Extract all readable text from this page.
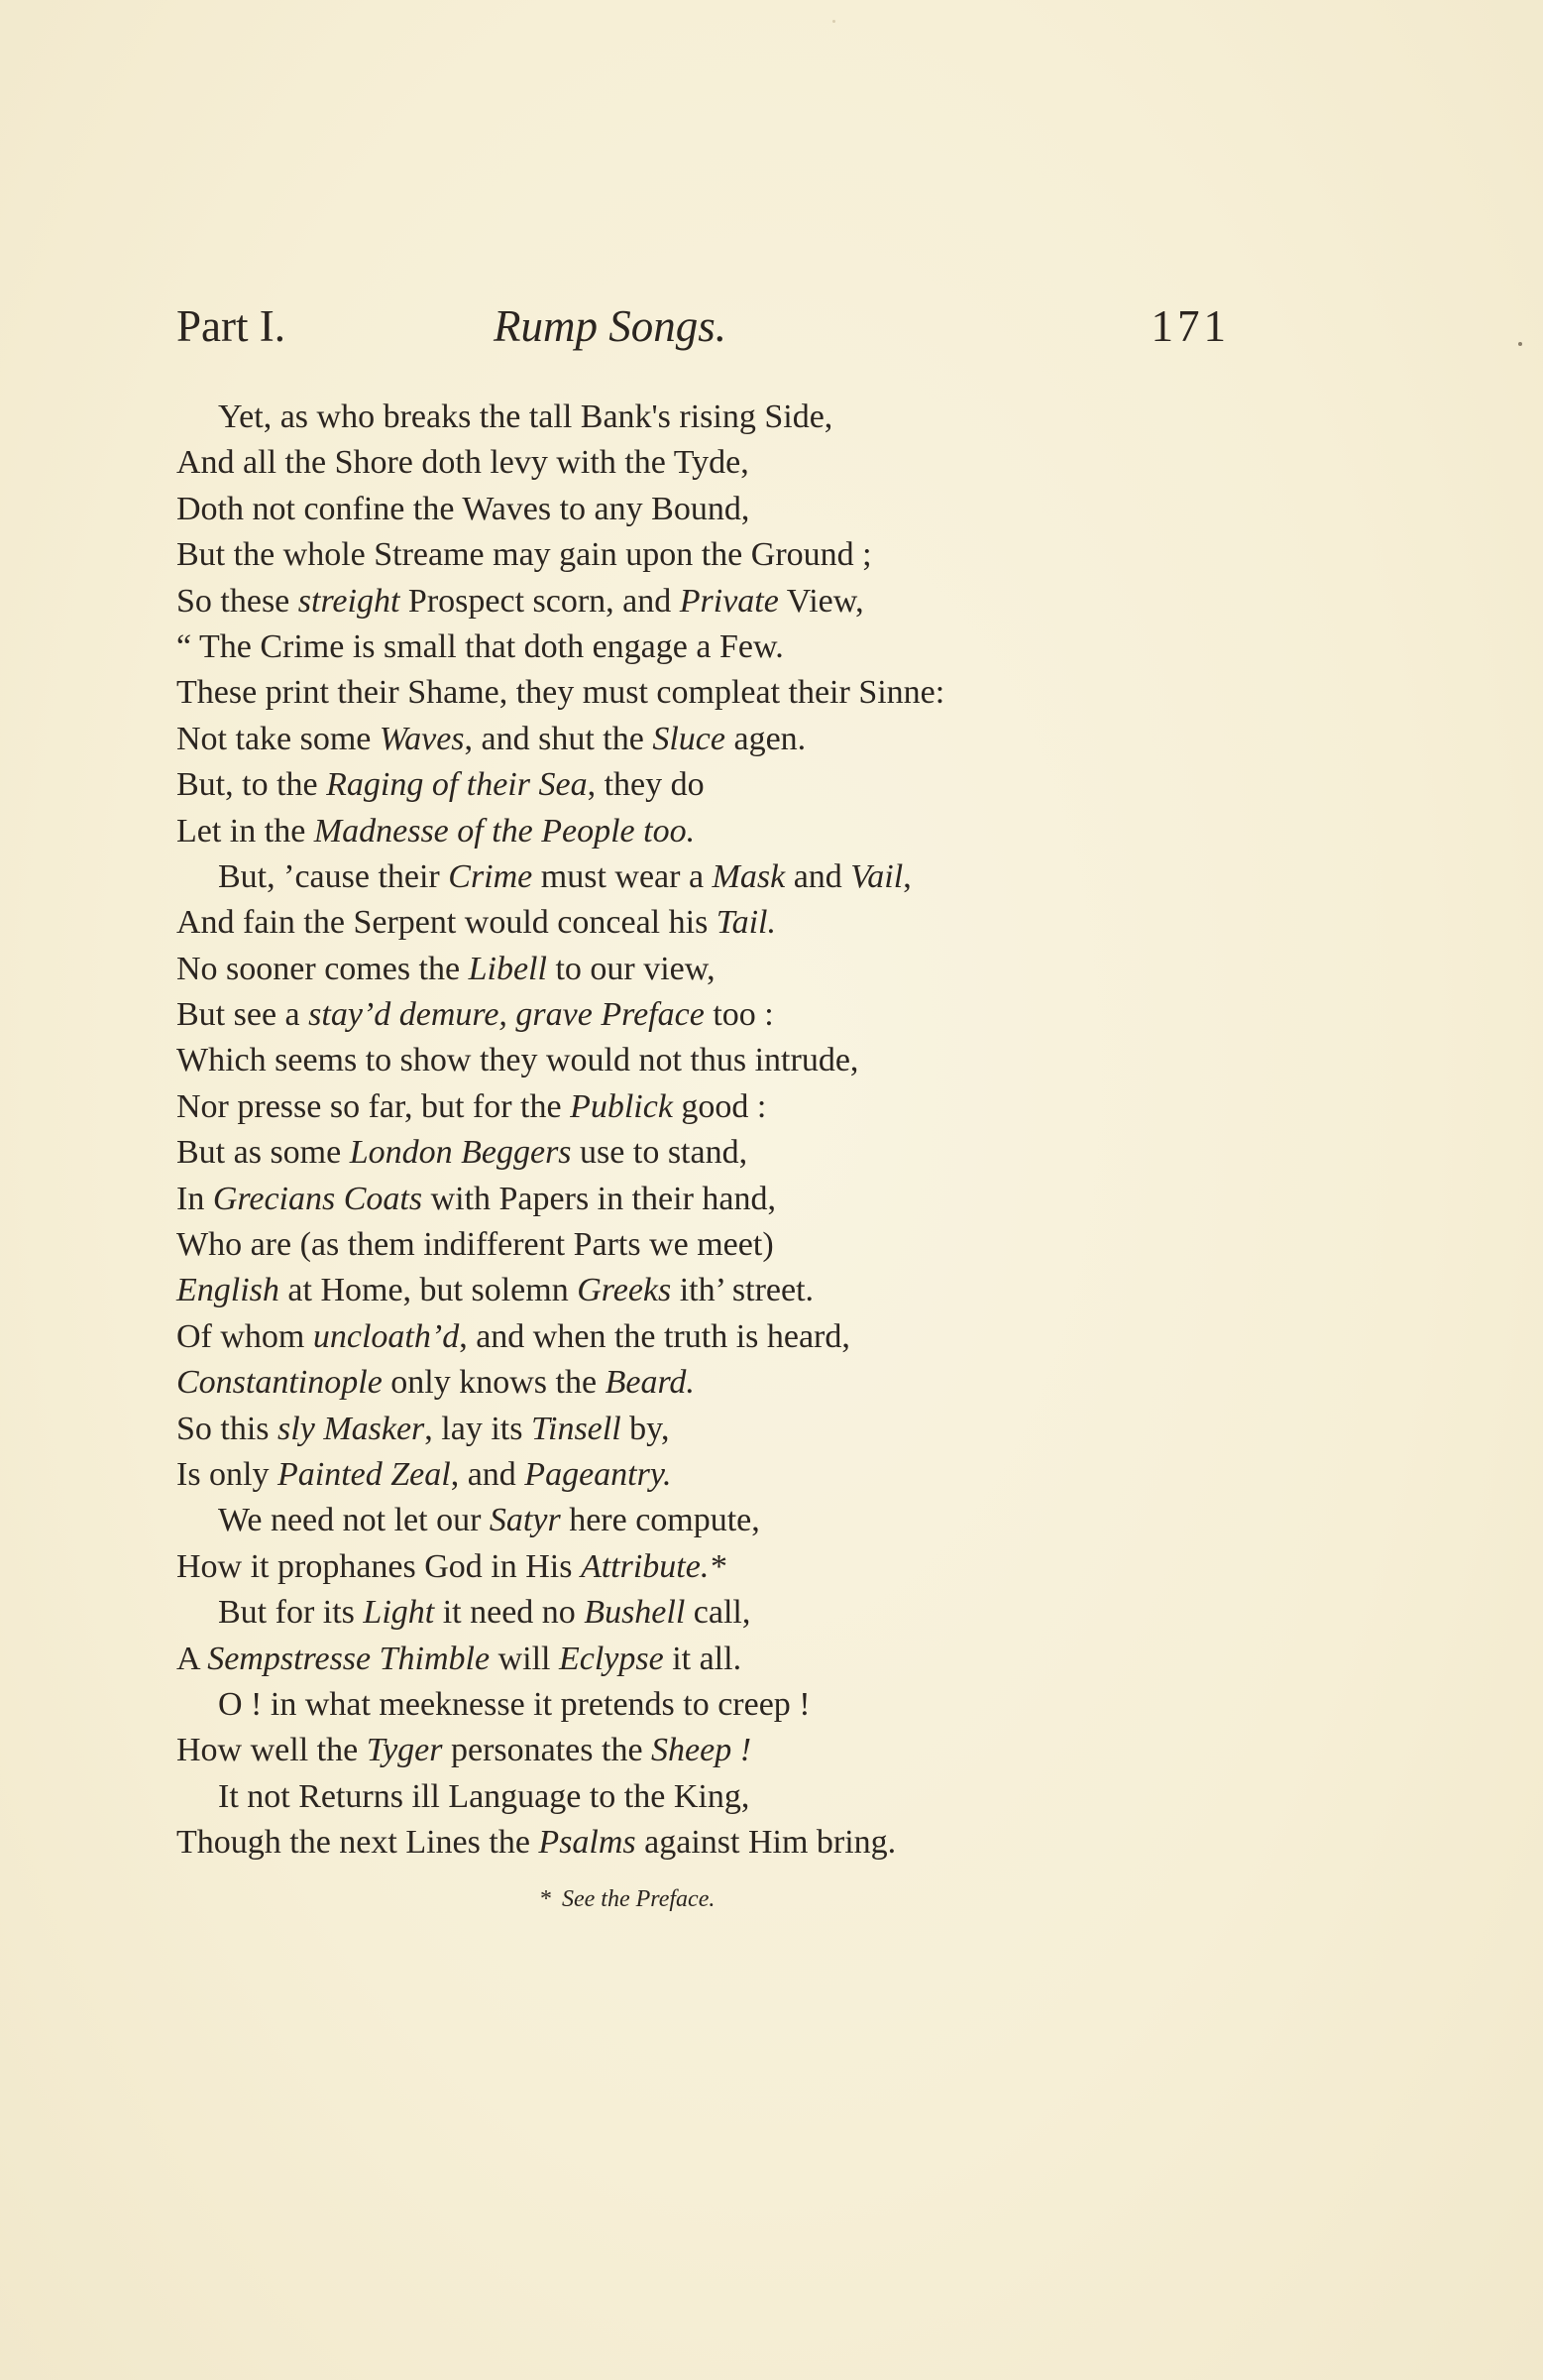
Part I.	Rump Songs.	171
Yet, as who breaks the tall Bank's rising Side,
And all the Shore doth levy with the Tyde,
Doth not confine the Waves to any Bound,
But the whole Streame may gain upon the Ground ;
So these streight Prospect scorn, and Private View,
“ The Crime is small that doth engage a Few.
These print their Shame, they must compleat their Sinne:
Not take some Waves, and shut the Sluce agen.
But, to the Raging of their Sea, they do
Let in the Madnesse of the People too.
But, ’cause their Crime must wear a Mask and Vail,
And fain the Serpent would conceal his Tail.
No sooner comes the Libell to our view,
But see a stay’d demure, grave Preface too :
Which seems to show they would not thus intrude,
Nor presse so far, but for the Publick good :
But as some London Beggers use to stand,
In Grecians Coats with Papers in their hand,
Who are (as them indifferent Parts we meet)
English at Home, but solemn Greeks ith’ street.
Of whom uncloath’d, and when the truth is heard,
Constantinople only knows the Beard.
So this sly Masker, lay its Tinsell by,
Is only Painted Zeal, and Pageantry.
We need not let our Satyr here compute,
How it prophanes God in His Attribute.*
But for its Light it need no Bushell call,
A Sempstresse Thimble will Eclypse it all.
O ! in what meeknesse it pretends to creep !
How well the Tyger personates the Sheep !
It not Returns ill Language to the King,
Though the next Lines the Psalms against Him bring.
* See the Preface.
